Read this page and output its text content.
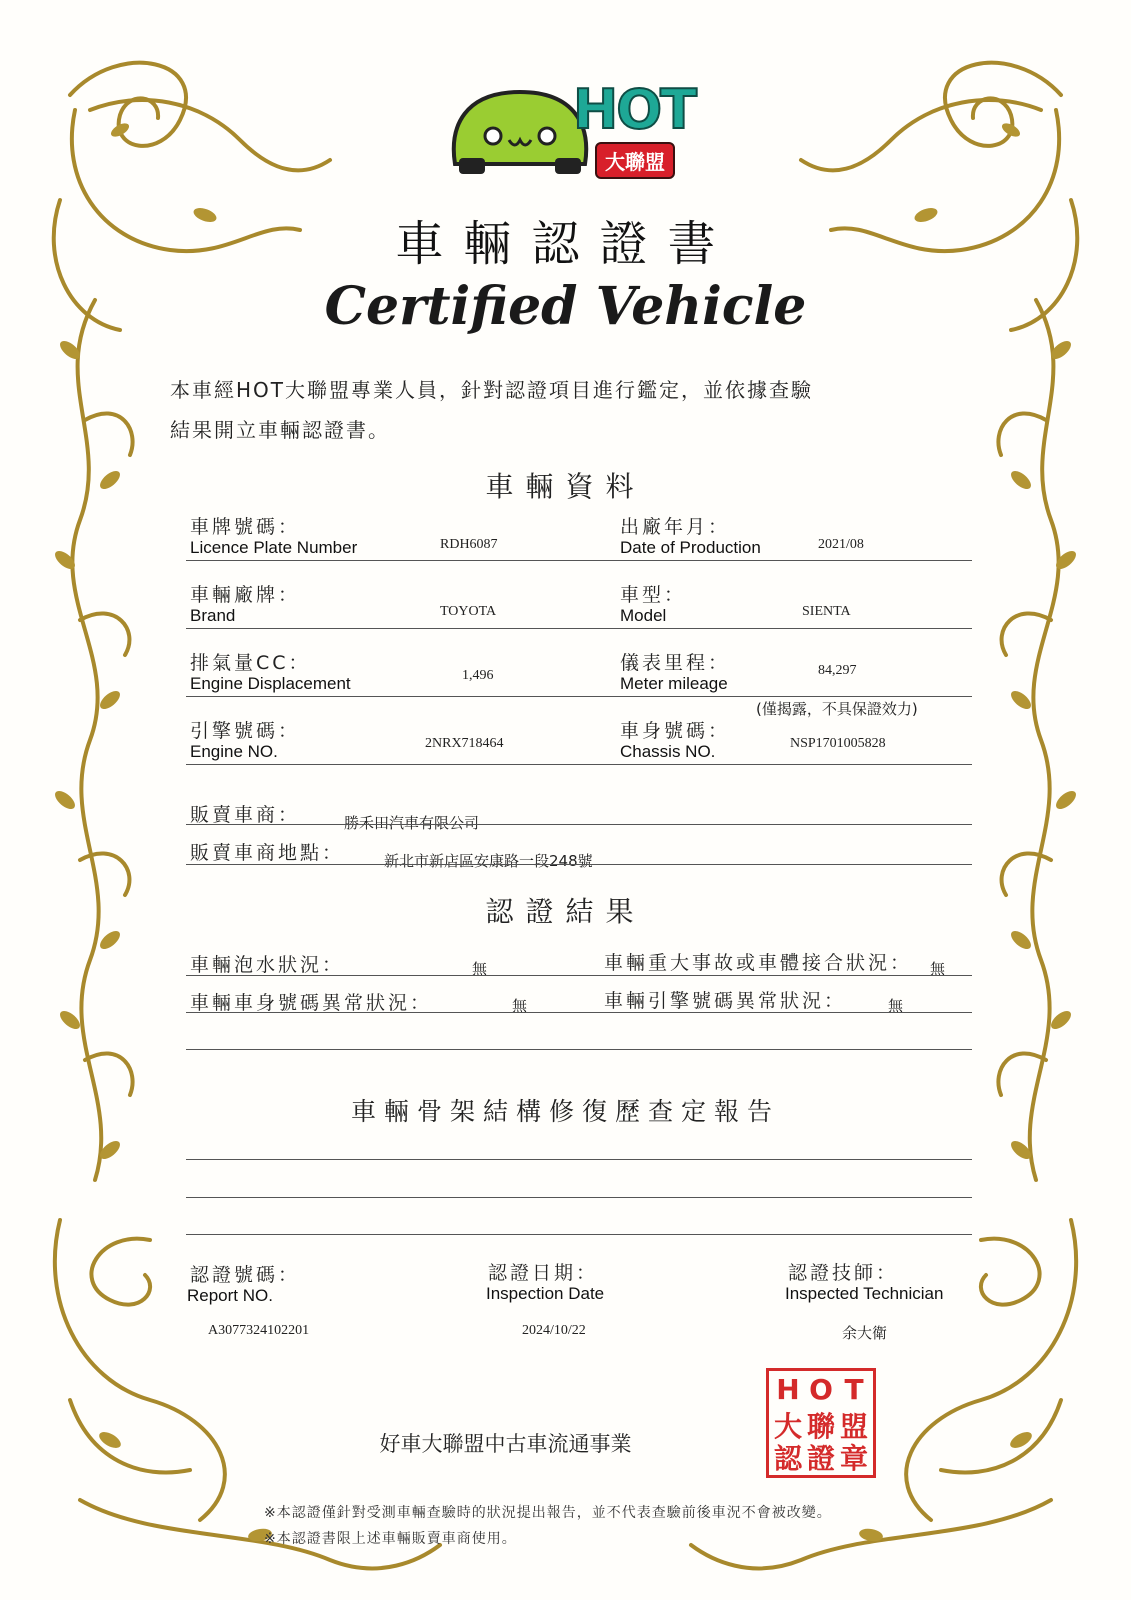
HOT
大聯盟
車輛認證書
Certified Vehicle
本車經HOT大聯盟專業人員，針對認證項目進行鑑定，並依據查驗
結果開立車輛認證書。
車輛資料
車牌號碼：
Licence Plate Number	RDH6087
出廠年月：
Date of Production	2021/08
車輛廠牌：
Brand	TOYOTA
車型：
Model	SIENTA
排氣量CC：
Engine Displacement	1,496
儀表里程：
Meter mileage
84,297
(僅揭露，不具保證效力)
引擎號碼：
Engine NO.	2NRX718464
車身號碼：
Chassis NO.	NSP1701005828
販賣車商：	勝禾田汽車有限公司
販賣車商地點：	新北市新店區安康路一段248號
認證結果
車輛泡水狀況：	無	車輛重大事故或車體接合狀況： 無
車輛車身號碼異常狀況：	無	車輛引擎號碼異常狀況：	無
車輛骨架結構修復歷查定報告
認證號碼：
Report NO.
A3077324102201
認證日期：
Inspection Date
2024/10/22
認證技師：
Inspected Technician
余大衛
好車大聯盟中古車流通事業
H O T
大 聯 盟
認 證 章
※本認證僅針對受測車輛查驗時的狀況提出報告，並不代表查驗前後車況不會被改變。
※本認證書限上述車輛販賣車商使用。
